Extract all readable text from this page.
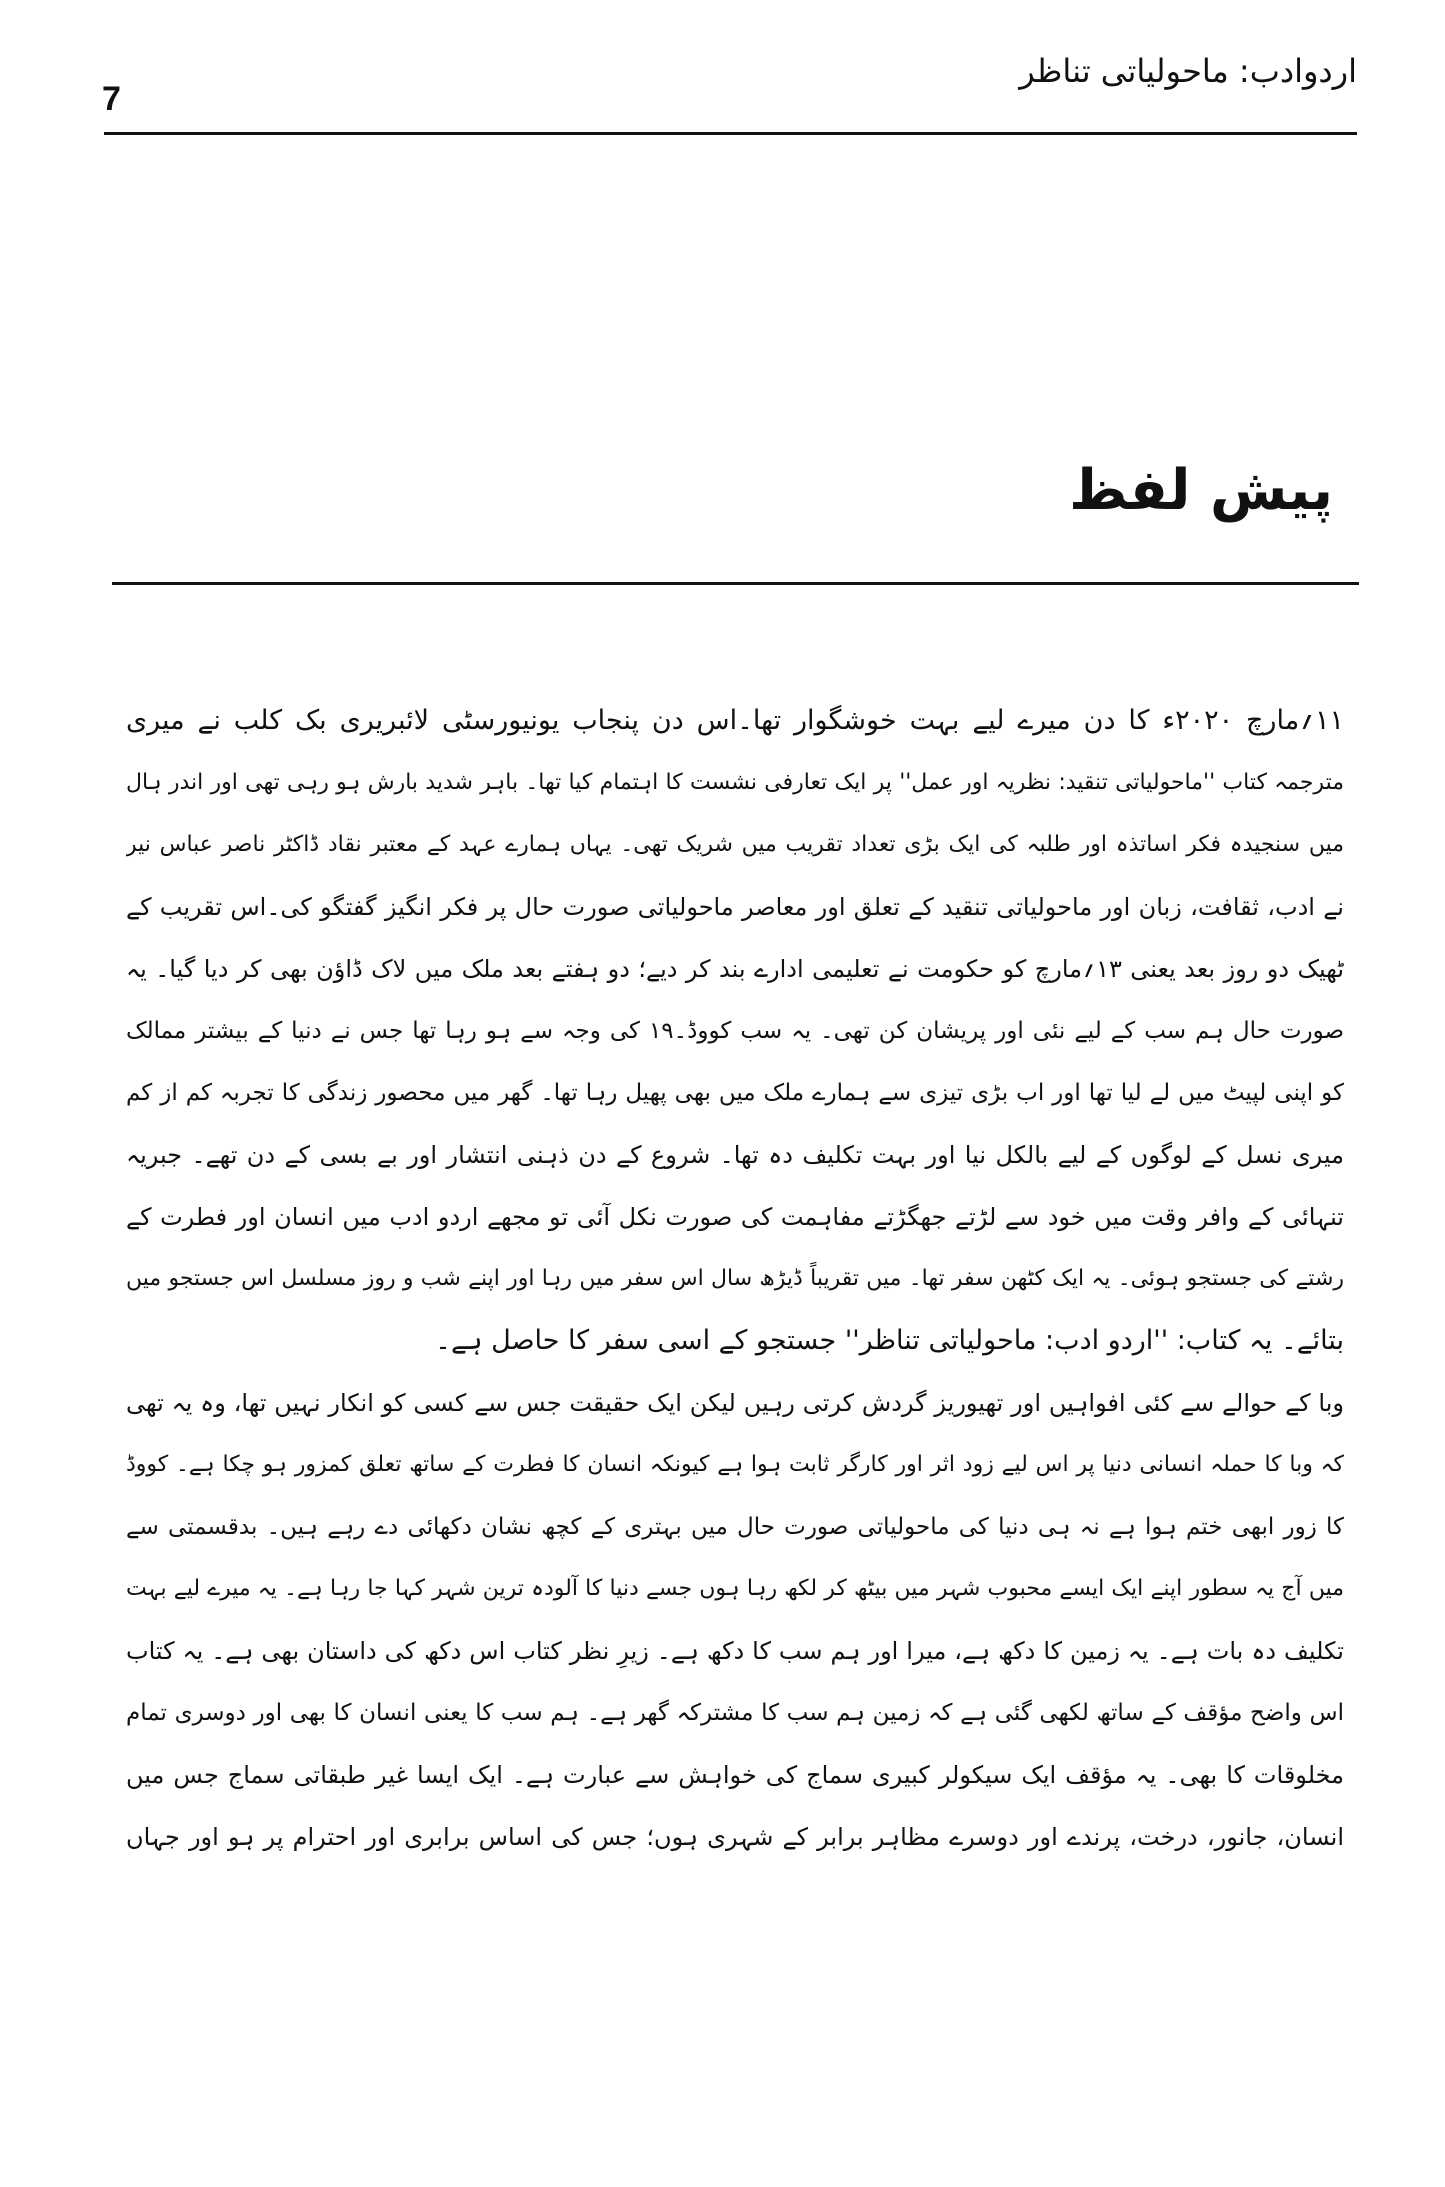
7
اردوادب: ماحولیاتی تناظر
پیش لفظ
۱۱؍مارچ ۲۰۲۰ء کا دن میرے لیے بہت خوشگوار تھا۔اس دن پنجاب یونیورسٹی لائبریری بک کلب نے میری
مترجمہ کتاب ''ماحولیاتی تنقید: نظریہ اور عمل'' پر ایک تعارفی نشست کا اہتمام کیا تھا۔ باہر شدید بارش ہو رہی تھی اور اندر ہال
میں سنجیدہ فکر اساتذہ اور طلبہ کی ایک بڑی تعداد تقریب میں شریک تھی۔ یہاں ہمارے عہد کے معتبر نقاد ڈاکٹر ناصر عباس نیر
نے ادب، ثقافت، زبان اور ماحولیاتی تنقید کے تعلق اور معاصر ماحولیاتی صورت حال پر فکر انگیز گفتگو کی۔اس تقریب کے
ٹھیک دو روز بعد یعنی ۱۳؍مارچ کو حکومت نے تعلیمی ادارے بند کر دیے؛ دو ہفتے بعد ملک میں لاک ڈاؤن بھی کر دیا گیا۔ یہ
صورت حال ہم سب کے لیے نئی اور پریشان کن تھی۔ یہ سب کووڈ۔۱۹ کی وجہ سے ہو رہا تھا جس نے دنیا کے بیشتر ممالک
کو اپنی لپیٹ میں لے لیا تھا اور اب بڑی تیزی سے ہمارے ملک میں بھی پھیل رہا تھا۔ گھر میں محصور زندگی کا تجربہ کم از کم
میری نسل کے لوگوں کے لیے بالکل نیا اور بہت تکلیف دہ تھا۔ شروع کے دن ذہنی انتشار اور بے بسی کے دن تھے۔ جبریہ
تنہائی کے وافر وقت میں خود سے لڑتے جھگڑتے مفاہمت کی صورت نکل آئی تو مجھے اردو ادب میں انسان اور فطرت کے
رشتے کی جستجو ہوئی۔ یہ ایک کٹھن سفر تھا۔ میں تقریباً ڈیڑھ سال اس سفر میں رہا اور اپنے شب و روز مسلسل اس جستجو میں
بتائے۔ یہ کتاب: ''اردو ادب: ماحولیاتی تناظر'' جستجو کے اسی سفر کا حاصل ہے۔
وبا کے حوالے سے کئی افواہیں اور تھیوریز گردش کرتی رہیں لیکن ایک حقیقت جس سے کسی کو انکار نہیں تھا، وہ یہ تھی
کہ وبا کا حملہ انسانی دنیا پر اس لیے زود اثر اور کارگر ثابت ہوا ہے کیونکہ انسان کا فطرت کے ساتھ تعلق کمزور ہو چکا ہے۔ کووڈ
کا زور ابھی ختم ہوا ہے نہ ہی دنیا کی ماحولیاتی صورت حال میں بہتری کے کچھ نشان دکھائی دے رہے ہیں۔ بدقسمتی سے
میں آج یہ سطور اپنے ایک ایسے محبوب شہر میں بیٹھ کر لکھ رہا ہوں جسے دنیا کا آلودہ ترین شہر کہا جا رہا ہے۔ یہ میرے لیے بہت
تکلیف دہ بات ہے۔ یہ زمین کا دکھ ہے، میرا اور ہم سب کا دکھ ہے۔ زیرِ نظر کتاب اس دکھ کی داستان بھی ہے۔ یہ کتاب
اس واضح مؤقف کے ساتھ لکھی گئی ہے کہ زمین ہم سب کا مشترکہ گھر ہے۔ ہم سب کا یعنی انسان کا بھی اور دوسری تمام
مخلوقات کا بھی۔ یہ مؤقف ایک سیکولر کبیری سماج کی خواہش سے عبارت ہے۔ ایک ایسا غیر طبقاتی سماج جس میں
انسان، جانور، درخت، پرندے اور دوسرے مظاہر برابر کے شہری ہوں؛ جس کی اساس برابری اور احترام پر ہو اور جہاں
